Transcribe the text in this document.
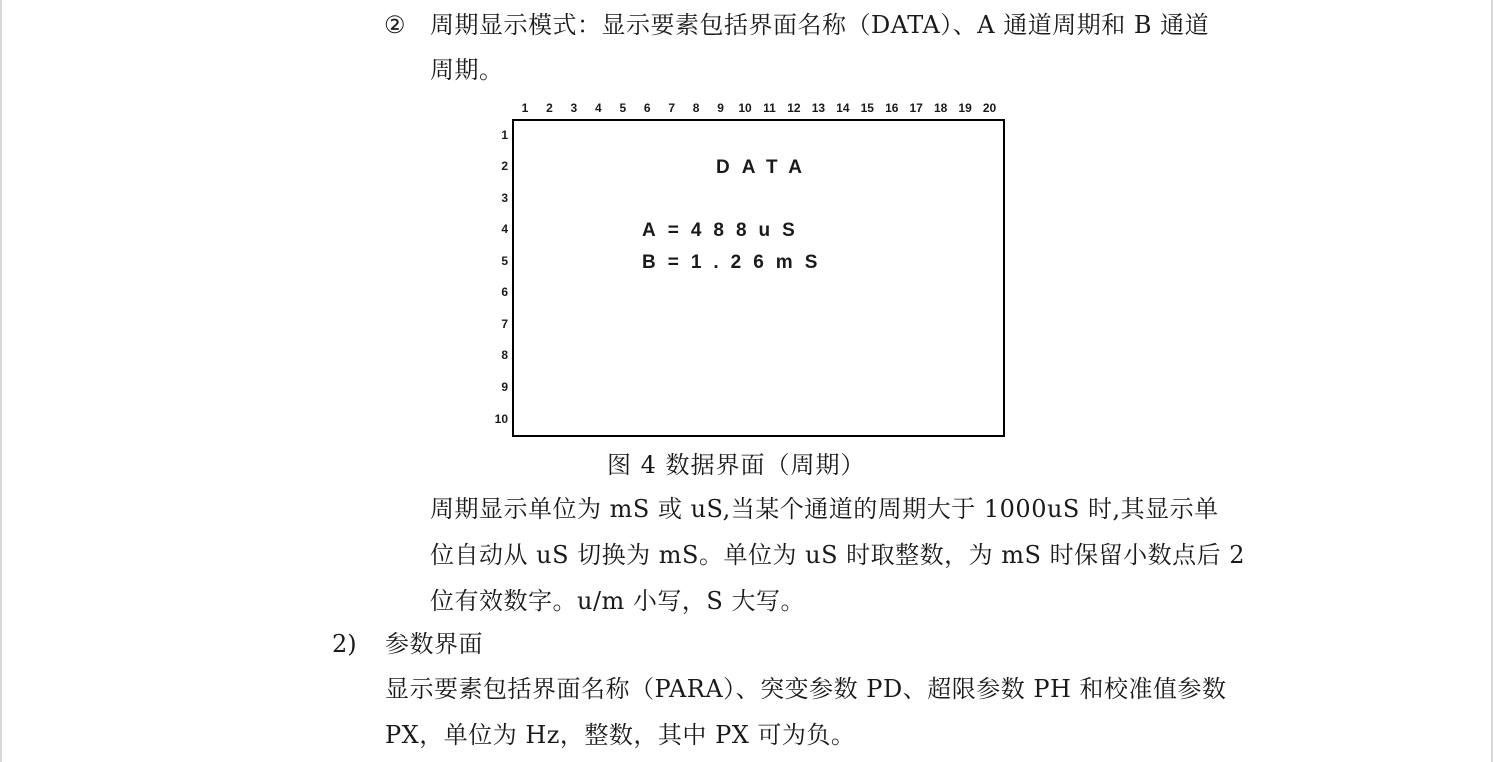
② 周期显示模式：显示要素包括界面名称（DATA）、A 通道周期和 B 通道
周期。
1	2	3	4	5	6	7	8	9	10 11 12 13 14 15 16 17 18 19 20
1
2
3
4
5
6
7
8
9
10
DATA
A=488uS
B=1.26mS
图 4 数据界面（周期）
周期显示单位为 mS 或 uS,当某个通道的周期大于 1000uS 时,其显示单
位自动从 uS 切换为 mS。单位为 uS 时取整数，为 mS 时保留小数点后 2
位有效数字。u/m 小写，S 大写。
2) 参数界面
显示要素包括界面名称（PARA）、突变参数 PD、超限参数 PH 和校准值参数
PX，单位为 Hz，整数，其中 PX 可为负。
